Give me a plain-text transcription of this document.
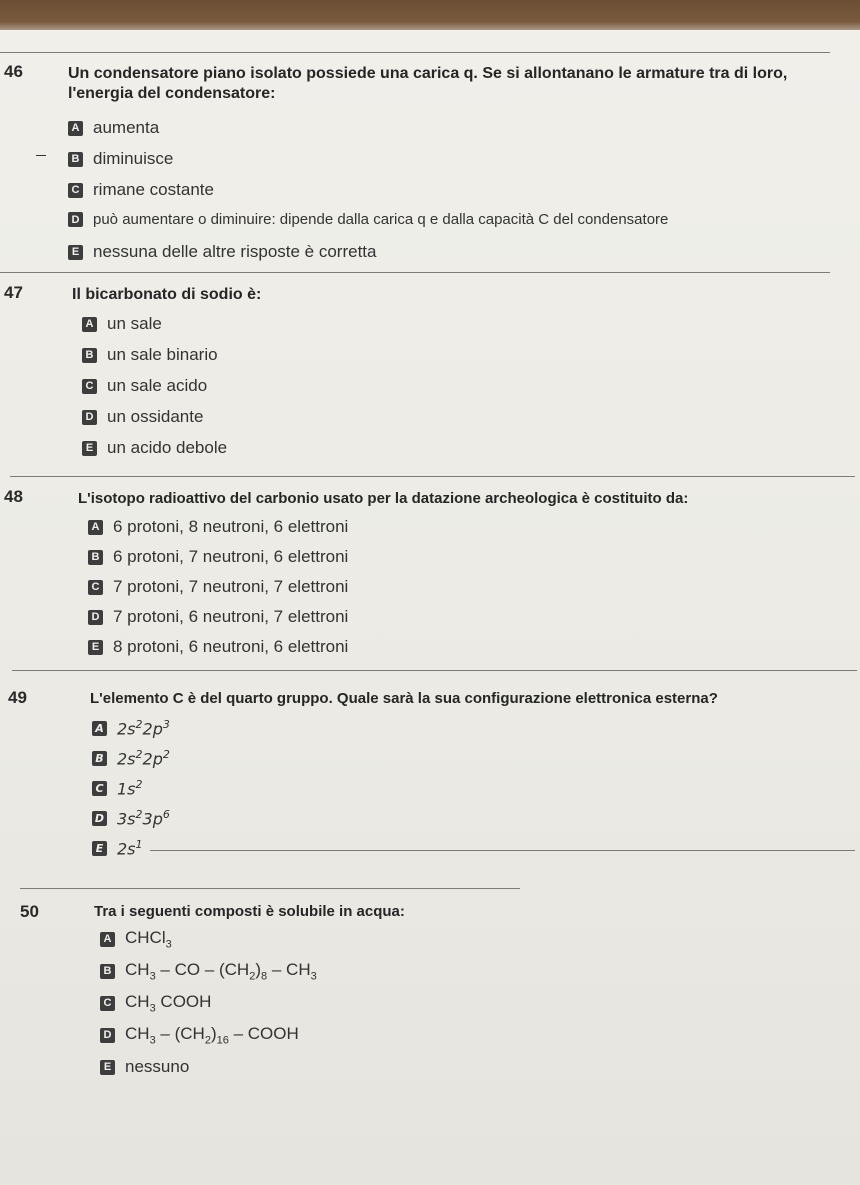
46	Un condensatore piano isolato possiede una carica q. Se si allontanano le armature tra di loro, l'energia del condensatore:
A aumenta
B diminuisce
C rimane costante
D può aumentare o diminuire: dipende dalla carica q e dalla capacità C del condensatore
E nessuna delle altre risposte è corretta
47	Il bicarbonato di sodio è:
A un sale
B un sale binario
C un sale acido
D un ossidante
E un acido debole
48	L'isotopo radioattivo del carbonio usato per la datazione archeologica è costituito da:
A 6 protoni, 8 neutroni, 6 elettroni
B 6 protoni, 7 neutroni, 6 elettroni
C 7 protoni, 7 neutroni, 7 elettroni
D 7 protoni, 6 neutroni, 7 elettroni
E 8 protoni, 6 neutroni, 6 elettroni
49	L'elemento C è del quarto gruppo. Quale sarà la sua configurazione elettronica esterna?
A $2s^22p^3$
B $2s^22p^2$
C $1s^2$
D $3s^23p^6$
E $2s^1$
50	Tra i seguenti composti è solubile in acqua:
A CHCl$_3$
B $CH_3$ – CO – $(CH_2)_8 - CH_3$
C $CH_3$ COOH
D $CH_3 - (CH_2)_{16}$ – COOH
E nessuno
